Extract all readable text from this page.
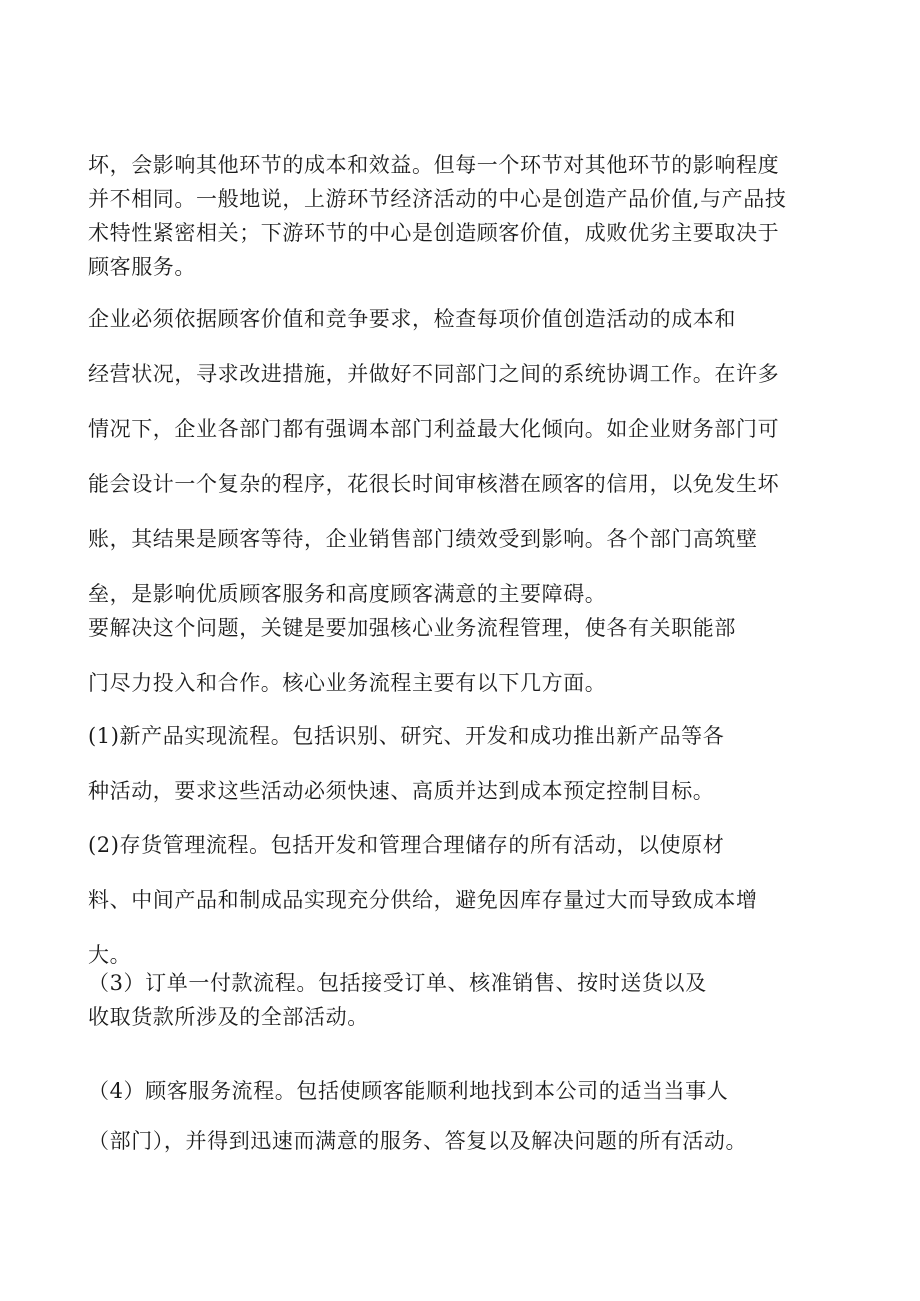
坏，会影响其他环节的成本和效益。但每一个环节对其他环节的影响程度
并不相同。一般地说，上游环节经济活动的中心是创造产品价值,与产品技
术特性紧密相关；下游环节的中心是创造顾客价值，成败优劣主要取决于
顾客服务。

企业必须依据顾客价值和竞争要求，检查每项价值创造活动的成本和
经营状况，寻求改进措施，并做好不同部门之间的系统协调工作。在许多
情况下，企业各部门都有强调本部门利益最大化倾向。如企业财务部门可
能会设计一个复杂的程序，花很长时间审核潜在顾客的信用，以免发生坏
账，其结果是顾客等待，企业销售部门绩效受到影响。各个部门高筑壁
垒，是影响优质顾客服务和高度顾客满意的主要障碍。

要解决这个问题，关键是要加强核心业务流程管理，使各有关职能部
门尽力投入和合作。核心业务流程主要有以下几方面。

(1)新产品实现流程。包括识别、研究、开发和成功推出新产品等各
种活动，要求这些活动必须快速、高质并达到成本预定控制目标。

(2)存货管理流程。包括开发和管理合理储存的所有活动，以使原材
料、中间产品和制成品实现充分供给，避免因库存量过大而导致成本增
大。

（3）订单一付款流程。包括接受订单、核准销售、按时送货以及
收取货款所涉及的全部活动。

（4）顾客服务流程。包括使顾客能顺利地找到本公司的适当当事人
（部门），并得到迅速而满意的服务、答复以及解决问题的所有活动。
